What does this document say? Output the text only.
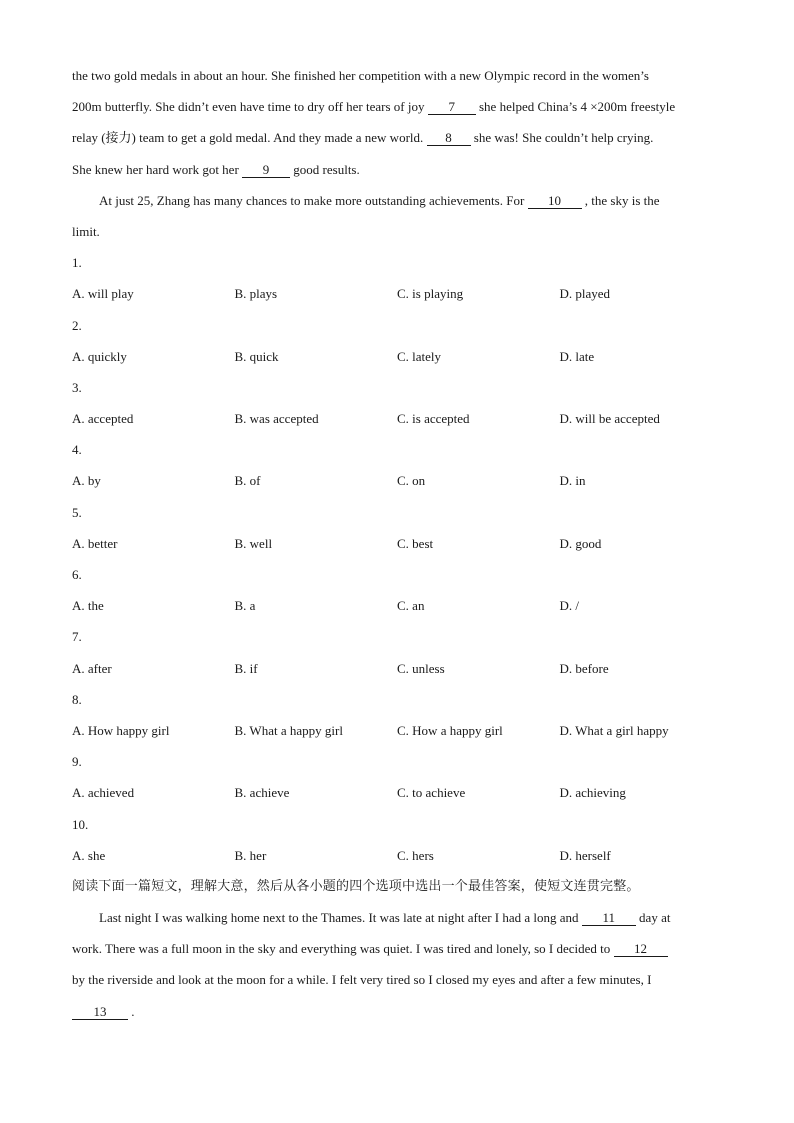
the two gold medals in about an hour. She finished her competition with a new Olympic record in the women’s
200m butterfly. She didn’t even have time to dry off her tears of joy 7 she helped China’s 4 ×200m freestyle
relay (接力) team to get a gold medal. And they made a new world. 8 she was! She couldn’t help crying.
She knew her hard work got her 9 good results.
At just 25, Zhang has many chances to make more outstanding achievements. For 10 , the sky is the
limit.
1.
A. will play	B. plays	C. is playing	D. played
2.
A. quickly	B. quick	C. lately	D. late
3.
A. accepted	B. was accepted	C. is accepted	D. will be accepted
4.
A. by	B. of	C. on	D. in
5.
A. better	B. well	C. best	D. good
6.
A. the	B. a	C. an	D. /
7.
A. after	B. if	C. unless	D. before
8.
A. How happy girl	B. What a happy girl	C. How a happy girl	D. What a girl happy
9.
A. achieved	B. achieve	C. to achieve	D. achieving
10.
A. she	B. her	C. hers	D. herself
阅读下面一篇短文，理解大意，然后从各小题的四个选项中选出一个最佳答案，使短文连贯完整。
Last night I was walking home next to the Thames. It was late at night after I had a long and 11 day at
work. There was a full moon in the sky and everything was quiet. I was tired and lonely, so I decided to 12
by the riverside and look at the moon for a while. I felt very tired so I closed my eyes and after a few minutes, I
13 .
